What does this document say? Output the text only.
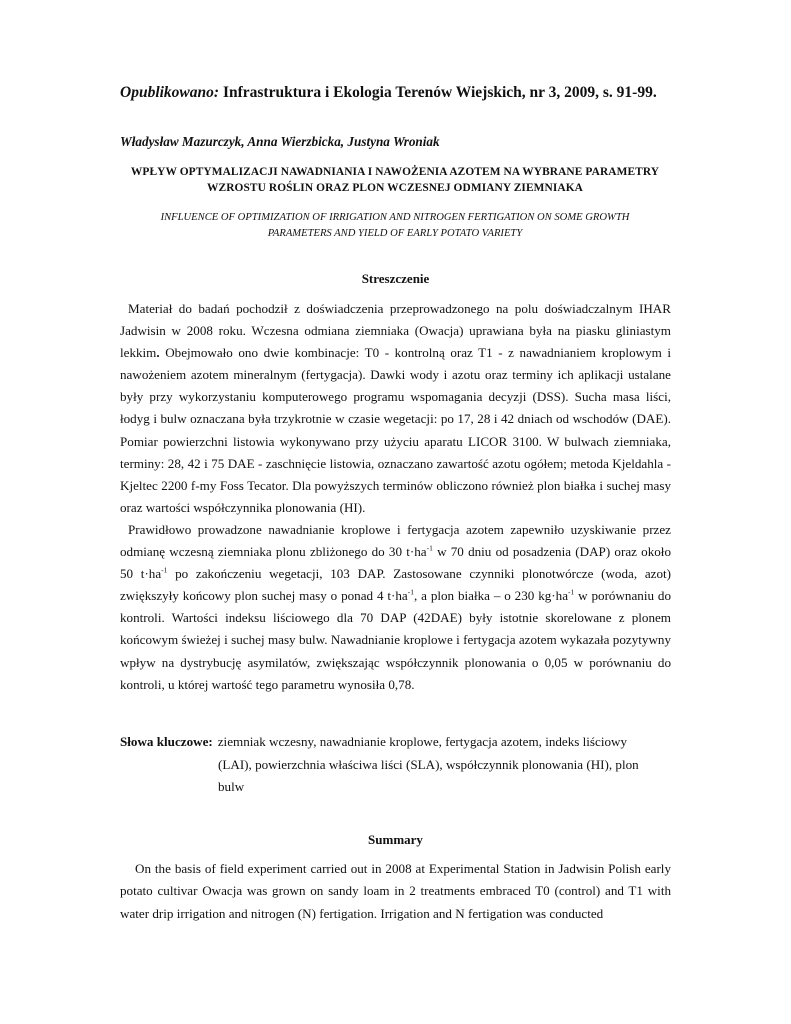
Opublikowano: Infrastruktura i Ekologia Terenów Wiejskich, nr 3, 2009, s. 91-99.
Władysław Mazurczyk, Anna Wierzbicka, Justyna Wroniak
WPŁYW OPTYMALIZACJI NAWADNIANIA I NAWOŻENIA AZOTEM NA WYBRANE PARAMETRY
WZROSTU ROŚLIN ORAZ PLON WCZESNEJ ODMIANY ZIEMNIAKA
INFLUENCE OF OPTIMIZATION OF IRRIGATION AND NITROGEN FERTIGATION ON SOME GROWTH
PARAMETERS AND YIELD OF EARLY POTATO VARIETY
Streszczenie

Materiał do badań pochodził z doświadczenia przeprowadzonego na polu doświadczalnym IHAR Jadwisin w 2008 roku. Wczesna odmiana ziemniaka (Owacja) uprawiana była na piasku gliniastym lekkim. Obejmowało ono dwie kombinacje: T0 - kontrolną oraz T1 - z nawadnianiem kroplowym i nawożeniem azotem mineralnym (fertygacja). Dawki wody i azotu oraz terminy ich aplikacji ustalane były przy wykorzystaniu komputerowego programu wspomagania decyzji (DSS). Sucha masa liści, łodyg i bulw oznaczana była trzykrotnie w czasie wegetacji: po 17, 28 i 42 dniach od wschodów (DAE). Pomiar powierzchni listowia wykonywano przy użyciu aparatu LICOR 3100. W bulwach ziemniaka, terminy: 28, 42 i 75 DAE - zaschnięcie listowia, oznaczano zawartość azotu ogółem; metoda Kjeldahla - Kjeltec 2200 f-my Foss Tecator. Dla powyższych terminów obliczono również plon białka i suchej masy oraz wartości współczynnika plonowania (HI).

Prawidłowo prowadzone nawadnianie kroplowe i fertygacja azotem zapewniło uzyskiwanie przez odmianę wczesną ziemniaka plonu zbliżonego do 30 $t\cdot ha^{-1}$ w 70 dniu od posadzenia (DAP) oraz około 50 $t\cdot ha^{-1}$ po zakończeniu wegetacji, 103 DAP. Zastosowane czynniki plonotwórcze (woda, azot) zwiększyły końcowy plon suchej masy o ponad 4 $t\cdot ha^{-1}$, a plon białka – o 230 $kg\cdot ha^{-1}$ w porównaniu do kontroli. Wartości indeksu liściowego dla 70 DAP (42DAE) były istotnie skorelowane z plonem końcowym świeżej i suchej masy bulw. Nawadnianie kroplowe i fertygacja azotem wykazała pozytywny wpływ na dystrybucję asymilatów, zwiększając współczynnik plonowania o 0,05 w porównaniu do kontroli, u której wartość tego parametru wynosiła 0,78.

Słowa kluczowe: ziemniak wczesny, nawadnianie kroplowe, fertygacja azotem, indeks liściowy
(LAI), powierzchnia właściwa liści (SLA), współczynnik plonowania (HI), plon
bulw
Summary

On the basis of field experiment carried out in 2008 at Experimental Station in Jadwisin Polish early potato cultivar Owacja was grown on sandy loam in 2 treatments embraced T0 (control) and T1 with water drip irrigation and nitrogen (N) fertigation. Irrigation and N fertigation was conducted
